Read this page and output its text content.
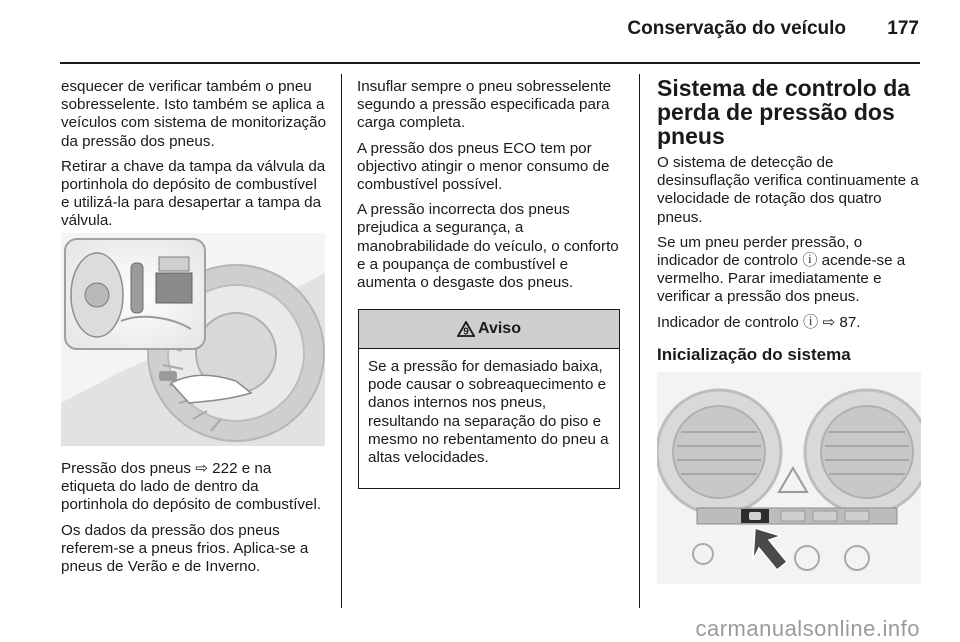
Conservação do veículo	177

esquecer de verificar também o pneu sobresselente. Isto também se aplica a veículos com sistema de monitorização da pressão dos pneus.

Retirar a chave da tampa da válvula da portinhola do depósito de combustível e utilizá-la para desapertar a tampa da válvula.

Pressão dos pneus ⇨ 222 e na etiqueta do lado de dentro da portinhola do depósito de combustível.

Os dados da pressão dos pneus referem-se a pneus frios. Aplica-se a pneus de Verão e de Inverno.

Insuflar sempre o pneu sobresselente segundo a pressão especificada para carga completa.

A pressão dos pneus ECO tem por objectivo atingir o menor consumo de combustível possível.

A pressão incorrecta dos pneus prejudica a segurança, a manobrabilidade do veículo, o conforto e a poupança de combustível e aumenta o desgaste dos pneus.

9 Aviso
Se a pressão for demasiado baixa, pode causar o sobreaquecimento e danos internos nos pneus, resultando na separação do piso e mesmo no rebentamento do pneu a altas velocidades.
Sistema de controlo da perda de pressão dos pneus

O sistema de detecção de desinsuflação verifica continuamente a velocidade de rotação dos quatro pneus.

Se um pneu perder pressão, o indicador de controlo ⓘ acende-se a vermelho. Parar imediatamente e verificar a pressão dos pneus.

Indicador de controlo ⓘ ⇨ 87.

Inicialização do sistema
carmanualsonline.info
